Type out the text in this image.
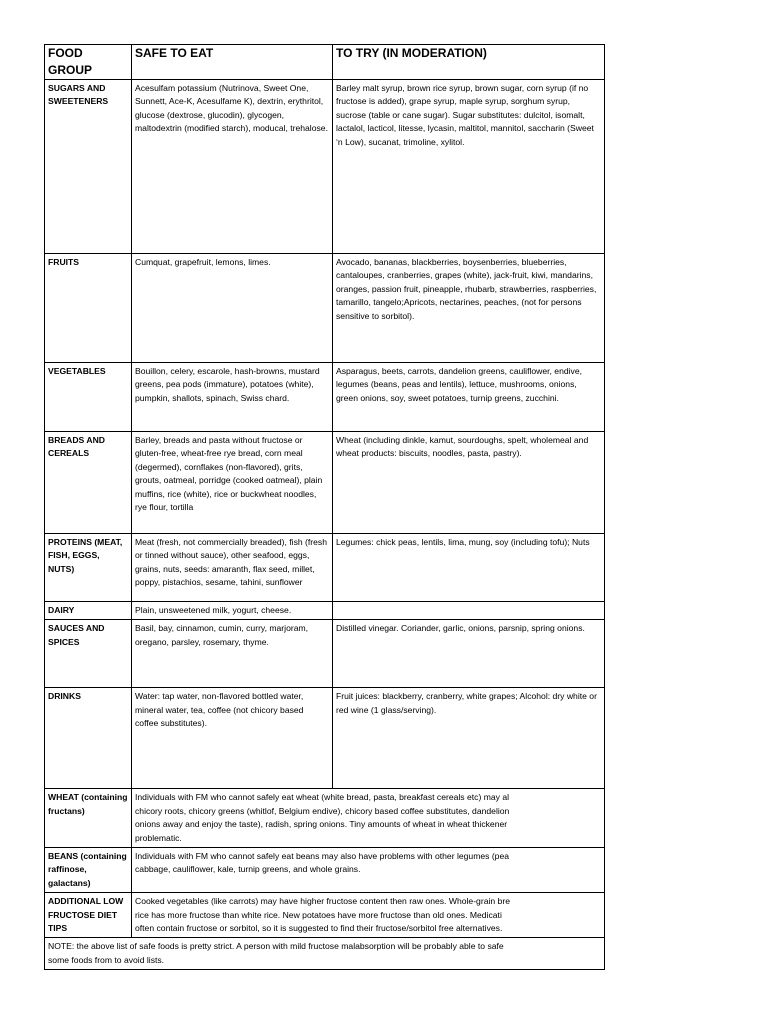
FOOD GROUP	SAFE TO EAT	TO TRY (IN MODERATION)
SUGARS AND SWEETENERS	Acesulfam potassium (Nutrinova, Sweet One, Sunnett, Ace-K, Acesulfame K), dextrin, erythritol, glucose (dextrose, glucodin), glycogen, maltodextrin (modified starch), moducal, trehalose.	Barley malt syrup, brown rice syrup, brown sugar, corn syrup (if no fructose is added), grape syrup, maple syrup, sorghum syrup, sucrose (table or cane sugar). Sugar substitutes: dulcitol, isomalt, lactalol, lacticol, litesse, lycasin, maltitol, mannitol, saccharin (Sweet ‘n Low), sucanat, trimoline, xylitol.
FRUITS	Cumquat, grapefruit, lemons, limes.	Avocado, bananas, blackberries, boysenberries, blueberries, cantaloupes, cranberries, grapes (white), jack-fruit, kiwi, mandarins, oranges, passion fruit, pineapple, rhubarb, strawberries, raspberries, tamarillo, tangelo;Apricots, nectarines, peaches, (not for persons sensitive to sorbitol).
VEGETABLES	Bouillon, celery, escarole, hash-browns, mustard greens, pea pods (immature), potatoes (white), pumpkin, shallots, spinach, Swiss chard.	Asparagus, beets, carrots, dandelion greens, cauliflower, endive, legumes (beans, peas and lentils), lettuce, mushrooms, onions, green onions, soy, sweet potatoes, turnip greens, zucchini.
BREADS AND CEREALS	Barley, breads and pasta without fructose or gluten-free, wheat-free rye bread, corn meal (degermed), cornflakes (non-flavored), grits, grouts, oatmeal, porridge (cooked oatmeal), plain muffins, rice (white), rice or buckwheat noodles, rye flour, tortilla	Wheat (including dinkle, kamut, sourdoughs, spelt, wholemeal and wheat products: biscuits, noodles, pasta, pastry).
PROTEINS (MEAT, FISH, EGGS, NUTS)	Meat (fresh, not commercially breaded), fish (fresh or tinned without sauce), other seafood, eggs, grains, nuts, seeds: amaranth, flax seed, millet, poppy, pistachios, sesame, tahini, sunflower	Legumes: chick peas, lentils, lima, mung, soy (including tofu); Nuts
DAIRY	Plain, unsweetened milk, yogurt, cheese.	
SAUCES AND SPICES	Basil, bay, cinnamon, cumin, curry, marjoram, oregano, parsley, rosemary, thyme.	Distilled vinegar. Coriander, garlic, onions, parsnip, spring onions.
DRINKS	Water: tap water, non-flavored bottled water, mineral water, tea, coffee (not chicory based coffee substitutes).	Fruit juices: blackberry, cranberry, white grapes; Alcohol: dry white or red wine (1 glass/serving).
WHEAT (containing fructans)	Individuals with FM who cannot safely eat wheat (white bread, pasta, breakfast cereals etc) may al
chicory roots, chicory greens (whitlof, Belgium endive), chicory based coffee substitutes, dandelion
onions away and enjoy the taste), radish, spring onions. Tiny amounts of wheat in wheat thickener
problematic.	

BEANS (containing raffinose, galactans)	Individuals with FM who cannot safely eat beans may also have problems with other legumes (pea
cabbage, cauliflower, kale, turnip greens, and whole grains.	

ADDITIONAL LOW FRUCTOSE DIET TIPS	Cooked vegetables (like carrots) may have higher fructose content then raw ones. Whole-grain bre
rice has more fructose than white rice. New potatoes have more fructose than old ones. Medicati
often contain fructose or sorbitol, so it is suggested to find their fructose/sorbitol free alternatives.	

NOTE: the above list of safe foods is pretty strict. A person with mild fructose malabsorption will be probably able to safe
some foods from to avoid lists.		
